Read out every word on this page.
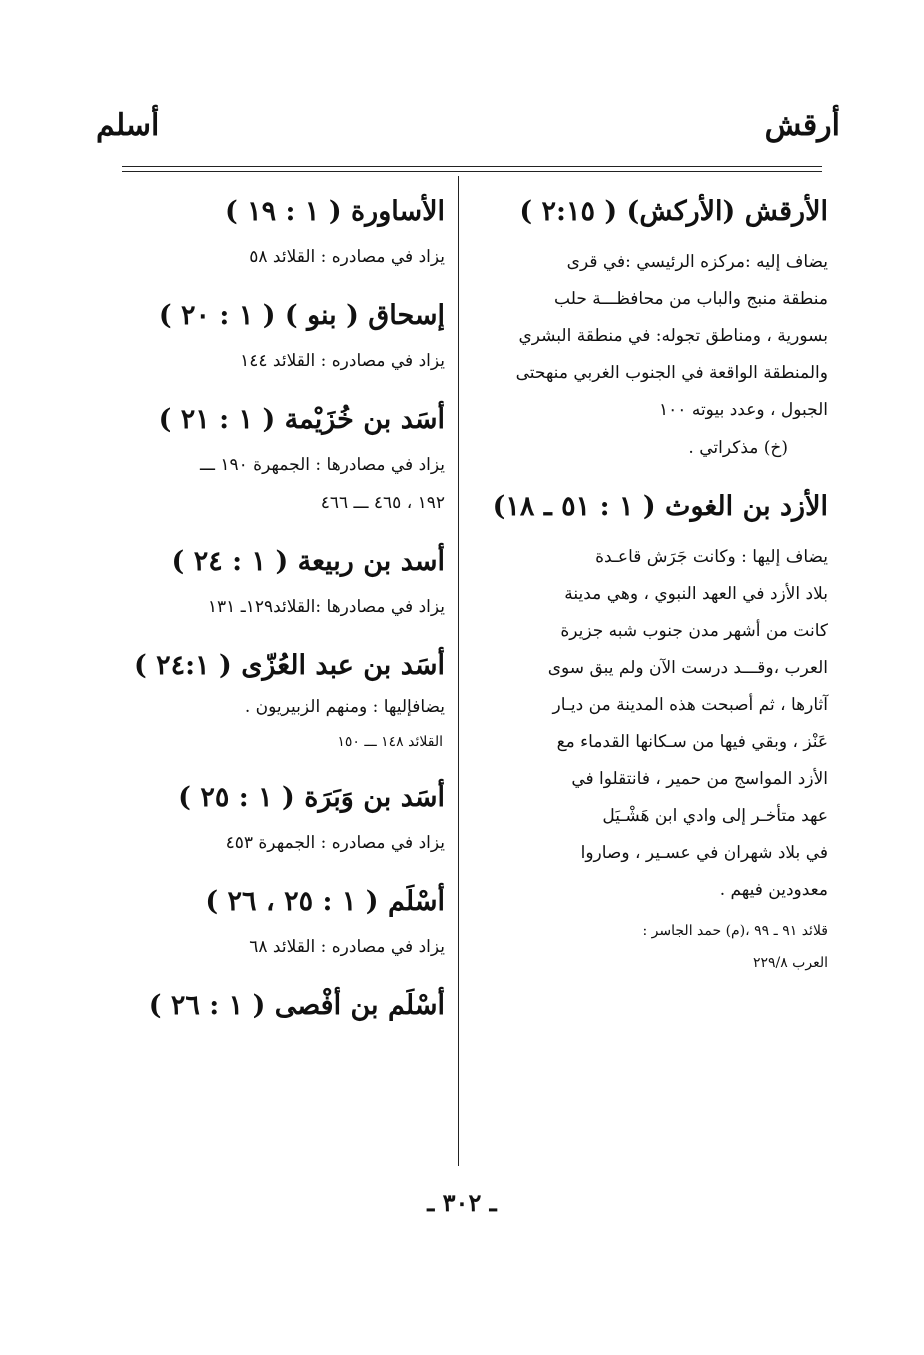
أرقش
أسلم

الأرقش (الأركش) ( ٢:١٥ )

يضاف إليه :مركزه الرئيسي :في قرى

منطقة منبج والباب من محافظـــة حلب

بسورية ، ومناطق تجوله: في منطقة البشري

والمنطقة الواقعة في الجنوب الغربي منهحتى

الجبول ، وعدد بيوته ١٠٠

(خ) مذكراتي .

الأزد بن الغوث ( ١ : ٥١ ـ ١٨)

يضاف إليها : وكانت جَرَش قاعـدة

بلاد الأزد في العهد النبوي ، وهي مدينة

كانت من أشهر مدن جنوب شبه جزيرة

العرب ،وقـــد درست الآن ولم يبق سوى

آثارها ، ثم أصبحت هذه المدينة من ديـار

عَنْز ، وبقي فيها من سـكانها القدماء مع

الأزد المواسج من حمير ، فانتقلوا في

عهد متأخـر إلى وادي ابن هَشْـيَل

في بلاد شهران في عسـير ، وصاروا

معدودين فيهم .

قلائد ٩١ ـ ٩٩ ،(م) حمد الجاسر :

العرب ٢٢٩/٨

الأساورة ( ١ : ١٩ )

يزاد في مصادره : القلائد ٥٨

إسحاق ( بنو ) ( ١ : ٢٠ )

يزاد في مصادره : القلائد ١٤٤

أسَد بن خُزَيْمة ( ١ : ٢١ )

يزاد في مصادرها : الجمهرة ١٩٠ ـــ

١٩٢ ، ٤٦٥ ـــ ٤٦٦

أسد بن ربيعة ( ١ : ٢٤ )

يزاد في مصادرها :القلائد١٢٩ـ ١٣١

أسَد بن عبد العُزّى ( ٢٤:١ )

يضافإليها : ومنهم الزبيريون .

القلائد ١٤٨ ـــ ١٥٠

أسَد بن وَبَرَة ( ١ : ٢٥ )

يزاد في مصادره : الجمهرة ٤٥٣

أسْلَم ( ١ : ٢٥ ، ٢٦ )

يزاد في مصادره : القلائد ٦٨

أسْلَم بن أفْصى ( ١ : ٢٦ )

ـ ٣٠٢ ـ
